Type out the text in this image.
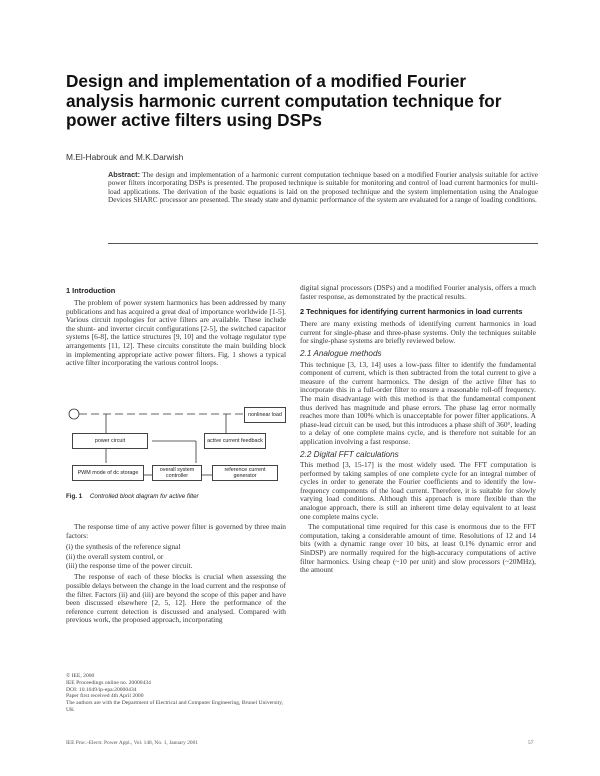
Design and implementation of a modified Fourier analysis harmonic current computation technique for power active filters using DSPs
M.El-Habrouk and M.K.Darwish
Abstract: The design and implementation of a harmonic current computation technique based on a modified Fourier analysis suitable for active power filters incorporating DSPs is presented. The proposed technique is suitable for monitoring and control of load current harmonics for multi-load applications. The derivation of the basic equations is laid on the proposed technique and the system implementation using the Analogue Devices SHARC processor are presented. The steady state and dynamic performance of the system are evaluated for a range of loading conditions.
1 Introduction

The problem of power system harmonics has been addressed by many publications and has acquired a great deal of importance worldwide [1-5]. Various circuit topologies for active filters are available. These include the shunt- and inverter circuit configurations [2-5], the switched capacitor systems [6-8], the lattice structures [9, 10] and the voltage regulator type arrangements [11, 12]. These circuits constitute the main building block in implementing appropriate active power filters. Fig. 1 shows a typical active filter incorporating the various control loops.

nonlinear load
power circuit	active current feedback
PWM mode of dc storage	overall system controller
reference current generator
Fig. 1 Controlled block diagram for active filter

The response time of any active power filter is governed by three main factors:

(i) the synthesis of the reference signal
(ii) the overall system control, or
(iii) the response time of the power circuit.

The response of each of these blocks is crucial when assessing the possible delays between the change in the load current and the response of the filter. Factors (ii) and (iii) are beyond the scope of this paper and have been discussed elsewhere [2, 5, 12]. Here the performance of the reference current detection is discussed and analysed. Compared with previous work, the proposed approach, incorporating

© IEE, 2000
IEE Proceedings online no. 20000434
DOI: 10.1049/ip-epa:20000434
Paper first received 4th April 2000
The authors are with the Department of Electrical and Computer Engineering, Brunel University, UK
IEE Proc.-Electr. Power Appl., Vol. 148, No. 1, January 2001	57

digital signal processors (DSPs) and a modified Fourier analysis, offers a much faster response, as demonstrated by the practical results.

2 Techniques for identifying current harmonics in load currents

There are many existing methods of identifying current harmonics in load current for single-phase and three-phase systems. Only the techniques suitable for single-phase systems are briefly reviewed below.

2.1 Analogue methods

This technique [3, 13, 14] uses a low-pass filter to identify the fundamental component of current, which is then subtracted from the total current to give a measure of the current harmonics. The design of the active filter has to incorporate this in a full-order filter to ensure a reasonable roll-off frequency. The main disadvantage with this method is that the fundamental component thus derived has magnitude and phase errors. The phase lag error normally reaches more than 100% which is unacceptable for power filter applications. A phase-lead circuit can be used, but this introduces a phase shift of 360°, leading to a delay of one complete mains cycle, and is therefore not suitable for an application involving a fast response.

2.2 Digital FFT calculations

This method [3, 15-17] is the most widely used. The FFT computation is performed by taking samples of one complete cycle for an integral number of cycles in order to generate the Fourier coefficients and to identify the low-frequency components of the load current. Therefore, it is suitable for slowly varying load conditions. Although this approach is more flexible than the analogue approach, there is still an inherent time delay equivalent to at least one complete mains cycle.

The computational time required for this case is enormous due to the FFT computation, taking a considerable amount of time. Resolutions of 12 and 14 bits (with a dynamic range over 10 bits, at least 0.1% dynamic error and SinDSP) are normally required for the high-accuracy computations of active filter harmonics. Using cheap (~10 per unit) and slow processors (~20MHz), the amount
